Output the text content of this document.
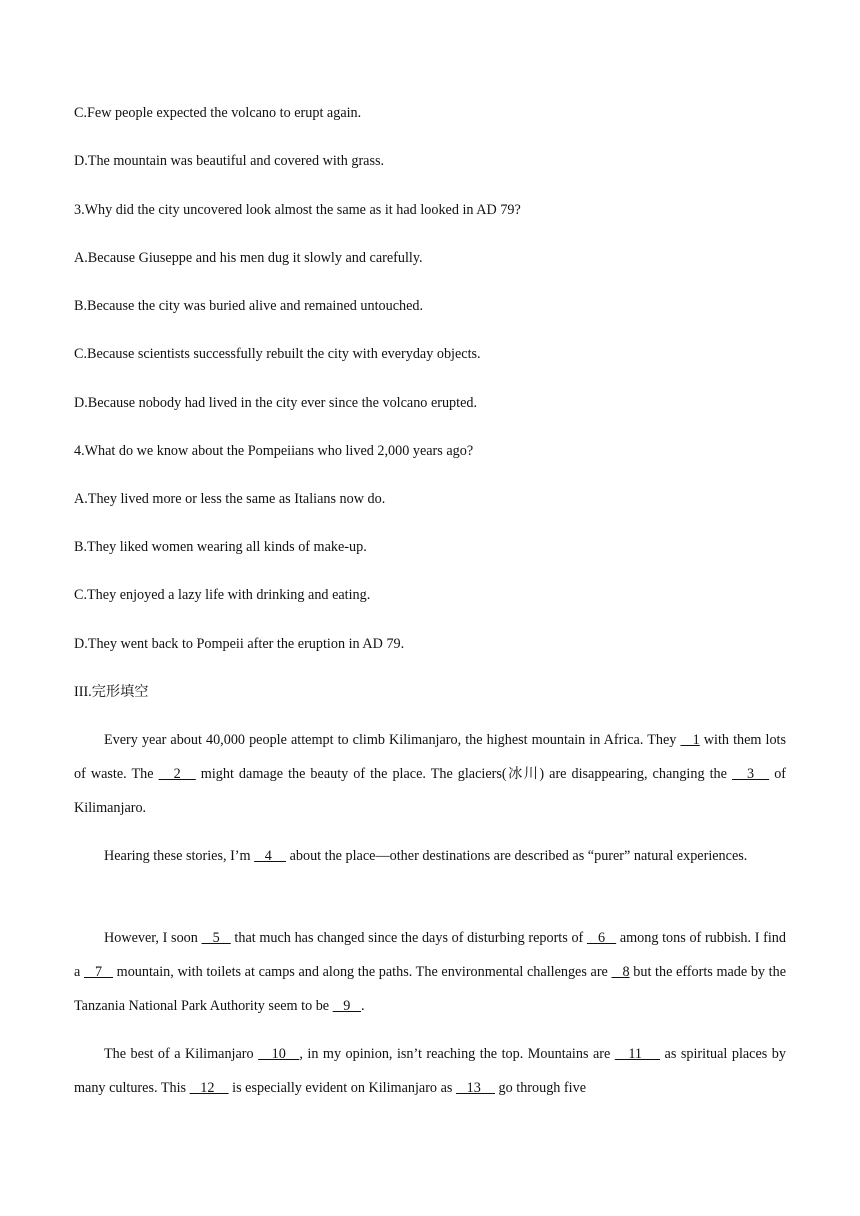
C.Few people expected the volcano to erupt again.
D.The mountain was beautiful and covered with grass.
3.Why did the city uncovered look almost the same as it had looked in AD 79?
A.Because Giuseppe and his men dug it slowly and carefully.
B.Because the city was buried alive and remained untouched.
C.Because scientists successfully rebuilt the city with everyday objects.
D.Because nobody had lived in the city ever since the volcano erupted.
4.What do we know about the Pompeiians who lived 2,000 years ago?
A.They lived more or less the same as Italians now do.
B.They liked women wearing all kinds of make-up.
C.They enjoyed a lazy life with drinking and eating.
D.They went back to Pompeii after the eruption in AD 79.
III.完形填空

Every year about 40,000 people attempt to climb Kilimanjaro, the highest mountain in Africa. They    1 with them lots of waste. The    2    might damage the beauty of the place. The glaciers(冰川) are disappearing, changing the    3    of Kilimanjaro.

Hearing these stories, I’m    4     about the place—other destinations are described as “purer” natural experiences.

However, I soon    5    that much has changed since the days of disturbing reports of    6    among tons of rubbish. I find a    7    mountain, with toilets at camps and along the paths. The environmental challenges are    8 but the efforts made by the Tanzania National Park Authority seem to be    9   .

The best of a Kilimanjaro    10   , in my opinion, isn’t reaching the top. Mountains are    11     as spiritual places by many cultures. This    12     is especially evident on Kilimanjaro as    13     go through five
